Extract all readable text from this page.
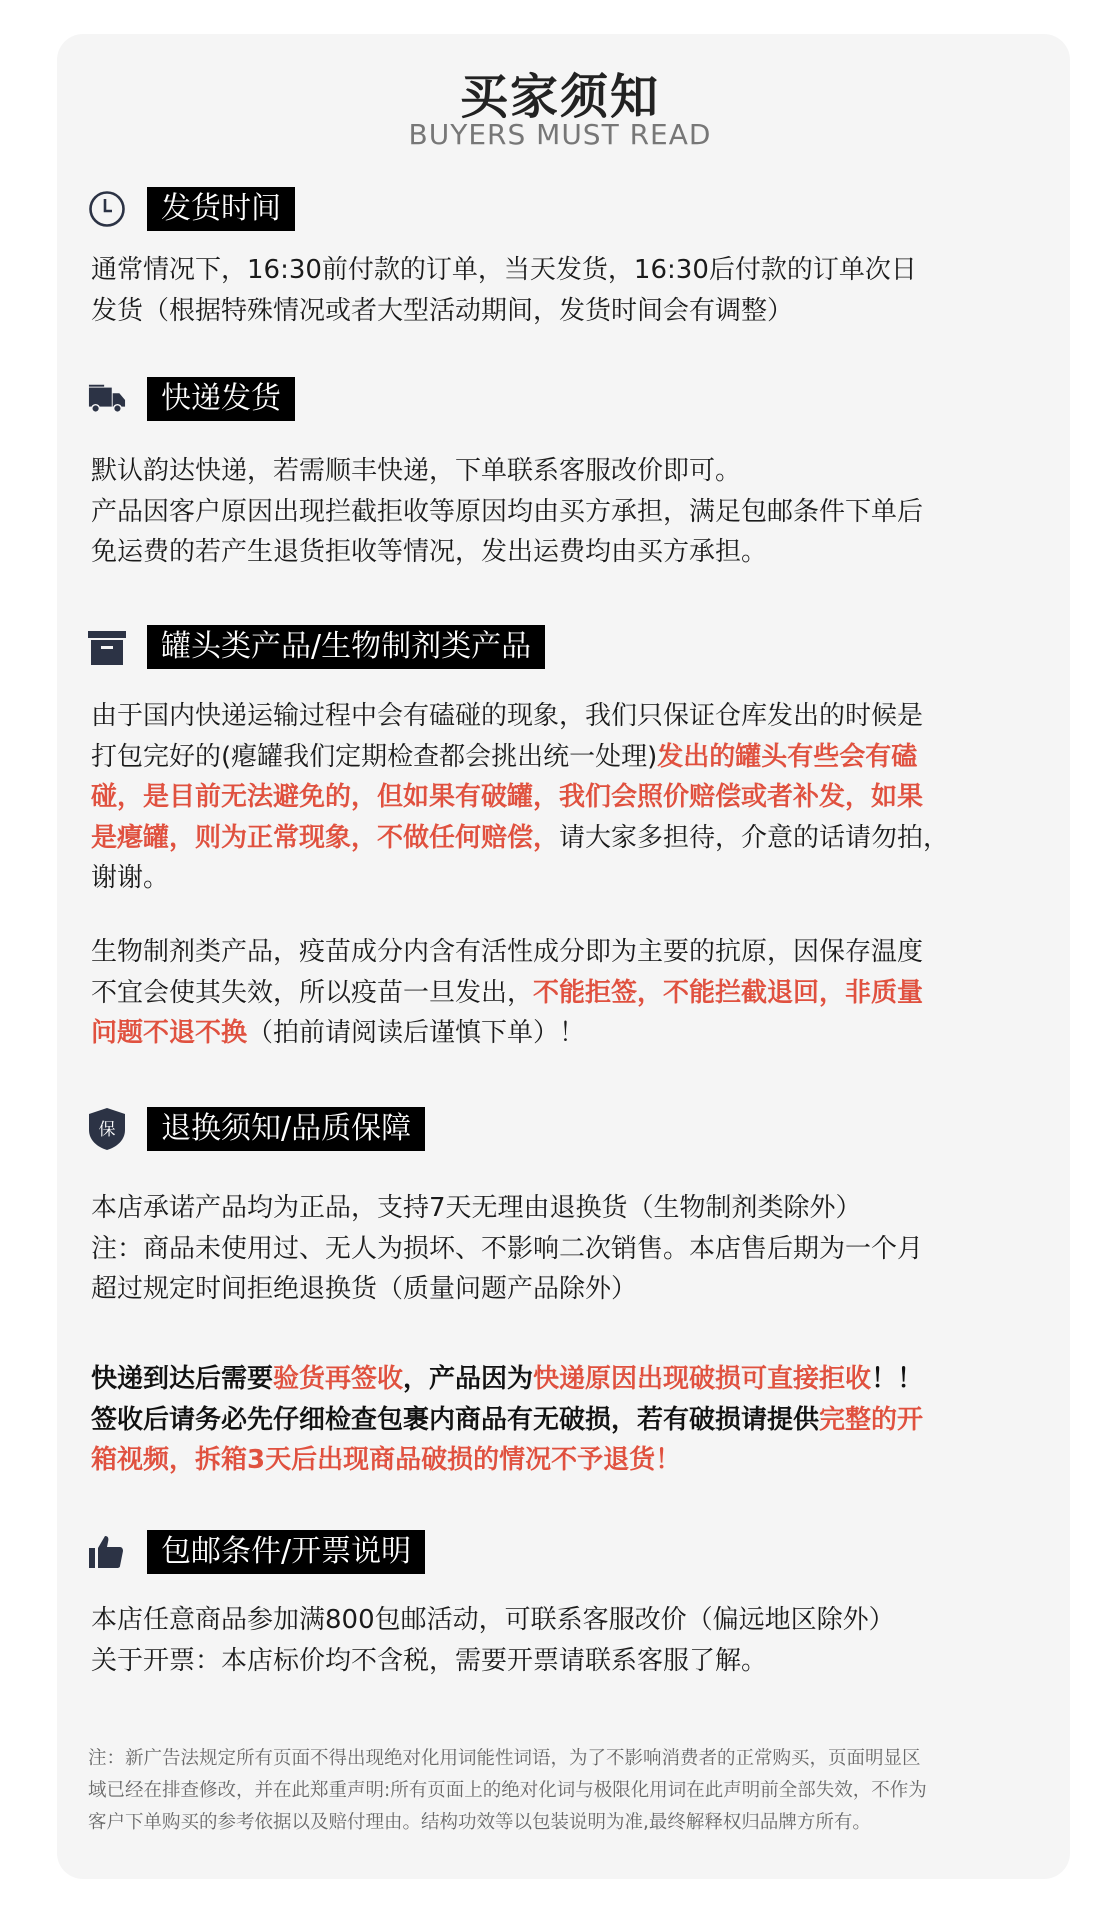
买家须知
BUYERS MUST READ
发货时间
通常情况下，16:30前付款的订单，当天发货，16:30后付款的订单次日
发货（根据特殊情况或者大型活动期间，发货时间会有调整）
快递发货
默认韵达快递，若需顺丰快递，下单联系客服改价即可。
产品因客户原因出现拦截拒收等原因均由买方承担，满足包邮条件下单后
免运费的若产生退货拒收等情况，发出运费均由买方承担。
罐头类产品/生物制剂类产品
由于国内快递运输过程中会有磕碰的现象，我们只保证仓库发出的时候是
打包完好的(瘪罐我们定期检查都会挑出统一处理)发出的罐头有些会有磕
碰，是目前无法避免的，但如果有破罐，我们会照价赔偿或者补发，如果
是瘪罐，则为正常现象，不做任何赔偿，请大家多担待，介意的话请勿拍，
谢谢。
生物制剂类产品，疫苗成分内含有活性成分即为主要的抗原，因保存温度
不宜会使其失效，所以疫苗一旦发出，不能拒签，不能拦截退回，非质量
问题不退不换（拍前请阅读后谨慎下单）！
保	退换须知/品质保障
本店承诺产品均为正品，支持7天无理由退换货（生物制剂类除外）
注：商品未使用过、无人为损坏、不影响二次销售。本店售后期为一个月
超过规定时间拒绝退换货（质量问题产品除外）
快递到达后需要验货再签收，产品因为快递原因出现破损可直接拒收！！
签收后请务必先仔细检查包裹内商品有无破损，若有破损请提供完整的开
箱视频，拆箱3天后出现商品破损的情况不予退货！
包邮条件/开票说明
本店任意商品参加满800包邮活动，可联系客服改价（偏远地区除外）
关于开票：本店标价均不含税，需要开票请联系客服了解。
注：新广告法规定所有页面不得出现绝对化用词能性词语，为了不影响消费者的正常购买，页面明显区
域已经在排查修改，并在此郑重声明:所有页面上的绝对化词与极限化用词在此声明前全部失效，不作为
客户下单购买的参考依据以及赔付理由。结构功效等以包装说明为准,最终解释权归品牌方所有。
